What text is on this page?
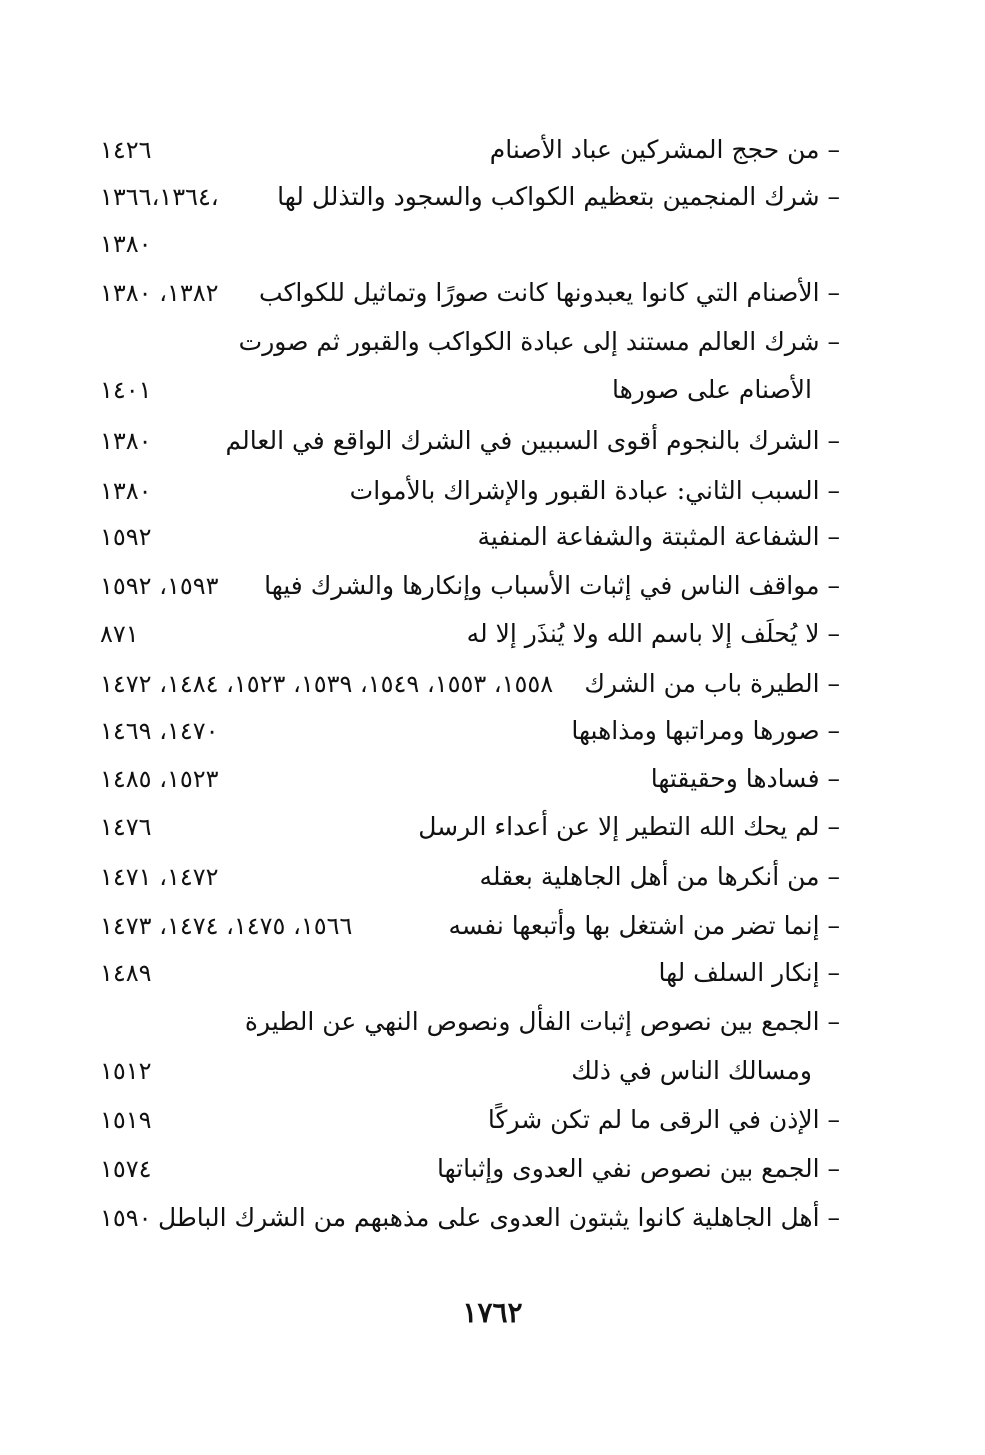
– من حجج المشركين عباد الأصنام
١٤٢٦
– شرك المنجمين بتعظيم الكواكب والسجود والتذلل لها
١٣٦٦،١٣٦٤،
١٣٨٠
– الأصنام التي كانوا يعبدونها كانت صورًا وتماثيل للكواكب
١٣٨٢، ١٣٨٠
– شرك العالم مستند إلى عبادة الكواكب والقبور ثم صورت
الأصنام على صورها
١٤٠١
– الشرك بالنجوم أقوى السببين في الشرك الواقع في العالم
١٣٨٠
– السبب الثاني: عبادة القبور والإشراك بالأموات
١٣٨٠
– الشفاعة المثبتة والشفاعة المنفية
١٥٩٢
– مواقف الناس في إثبات الأسباب وإنكارها والشرك فيها
١٥٩٣، ١٥٩٢
– لا يُحلَف إلا باسم الله ولا يُنذَر إلا له
٨٧١
– الطيرة باب من الشرك
١٥٥٨، ١٥٥٣، ١٥٤٩، ١٥٣٩، ١٥٢٣، ١٤٨٤، ١٤٧٢
– صورها ومراتبها ومذاهبها
١٤٧٠، ١٤٦٩
– فسادها وحقيقتها
١٥٢٣، ١٤٨٥
– لم يحك الله التطير إلا عن أعداء الرسل
١٤٧٦
– من أنكرها من أهل الجاهلية بعقله
١٤٧٢، ١٤٧١
– إنما تضر من اشتغل بها وأتبعها نفسه
١٥٦٦، ١٤٧٥، ١٤٧٤، ١٤٧٣
– إنكار السلف لها
١٤٨٩
– الجمع بين نصوص إثبات الفأل ونصوص النهي عن الطيرة
ومسالك الناس في ذلك
١٥١٢
– الإذن في الرقى ما لم تكن شركًا
١٥١٩
– الجمع بين نصوص نفي العدوى وإثباتها
١٥٧٤
– أهل الجاهلية كانوا يثبتون العدوى على مذهبهم من الشرك الباطل
١٥٩٠
١٧٦٢
